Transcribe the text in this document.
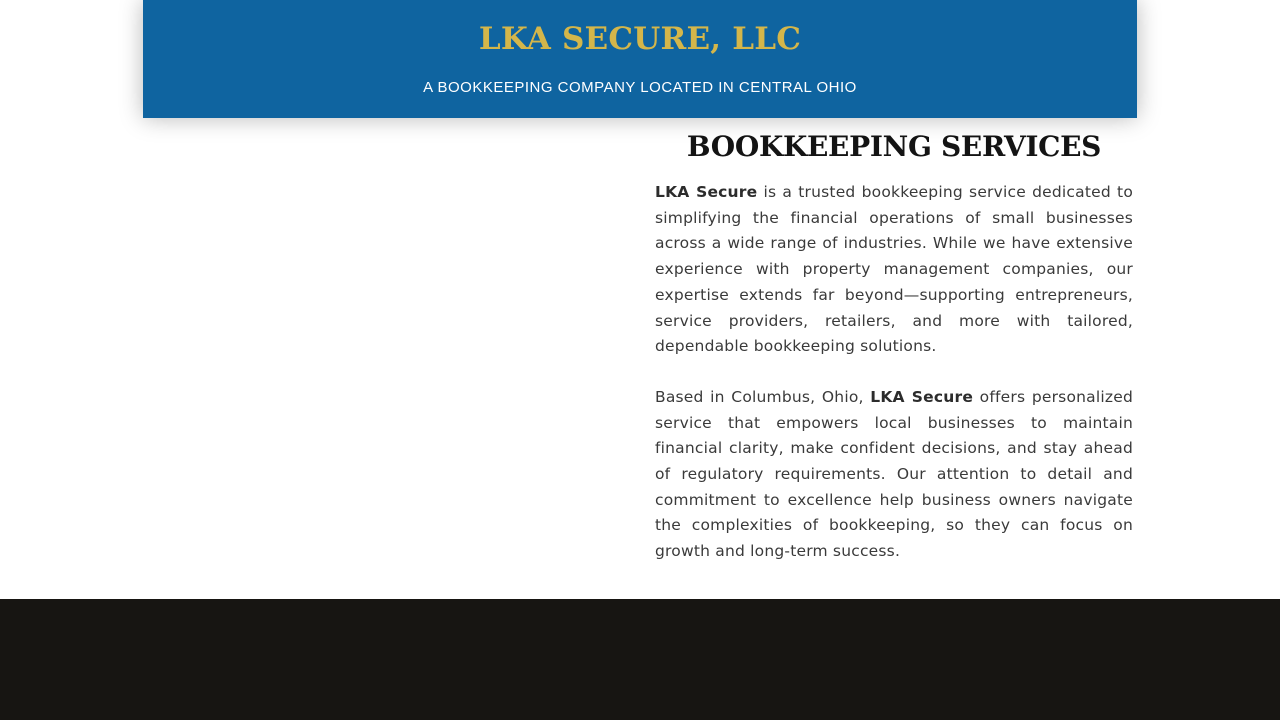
LKA SECURE, LLC

A BOOKKEEPING COMPANY LOCATED IN CENTRAL OHIO

BOOKKEEPING SERVICES

LKA Secure is a trusted bookkeeping service dedicated to simplifying the financial operations of small businesses across a wide range of industries. While we have extensive experience with property management companies, our expertise extends far beyond—supporting entrepreneurs, service providers, retailers, and more with tailored, dependable bookkeeping solutions.

Based in Columbus, Ohio, LKA Secure offers personalized service that empowers local businesses to maintain financial clarity, make confident decisions, and stay ahead of regulatory requirements. Our attention to detail and commitment to excellence help business owners navigate the complexities of bookkeeping, so they can focus on growth and long-term success.
